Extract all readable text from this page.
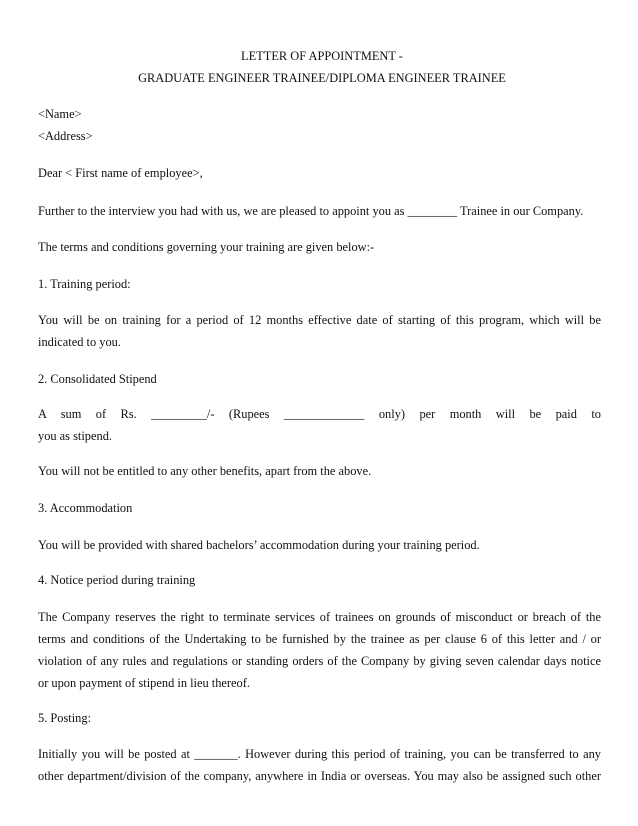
LETTER OF APPOINTMENT -
GRADUATE ENGINEER TRAINEE/DIPLOMA ENGINEER TRAINEE
<Name>
<Address>
Dear < First name of employee>,
Further to the interview you had with us, we are pleased to appoint you as ________ Trainee in our Company.
The terms and conditions governing your training are given below:-
1. Training period:
You will be on training for a period of 12 months effective date of starting of this program, which will be
indicated to you.
2. Consolidated Stipend
A sum of Rs. _________/- (Rupees _____________ only) per month will be paid to
you as stipend.
You will not be entitled to any other benefits, apart from the above.
3. Accommodation
You will be provided with shared bachelors’ accommodation during your training period.
4. Notice period during training
The Company reserves the right to terminate services of trainees on grounds of misconduct or breach of the
terms and conditions of the Undertaking to be furnished by the trainee as per clause 6 of this letter and / or
violation of any rules and regulations or standing orders of the Company by giving seven calendar days notice
or upon payment of stipend in lieu thereof.
5. Posting:
Initially you will be posted at _______. However during this period of training, you can be transferred to any
other department/division of the company, anywhere in India or overseas. You may also be assigned such other
